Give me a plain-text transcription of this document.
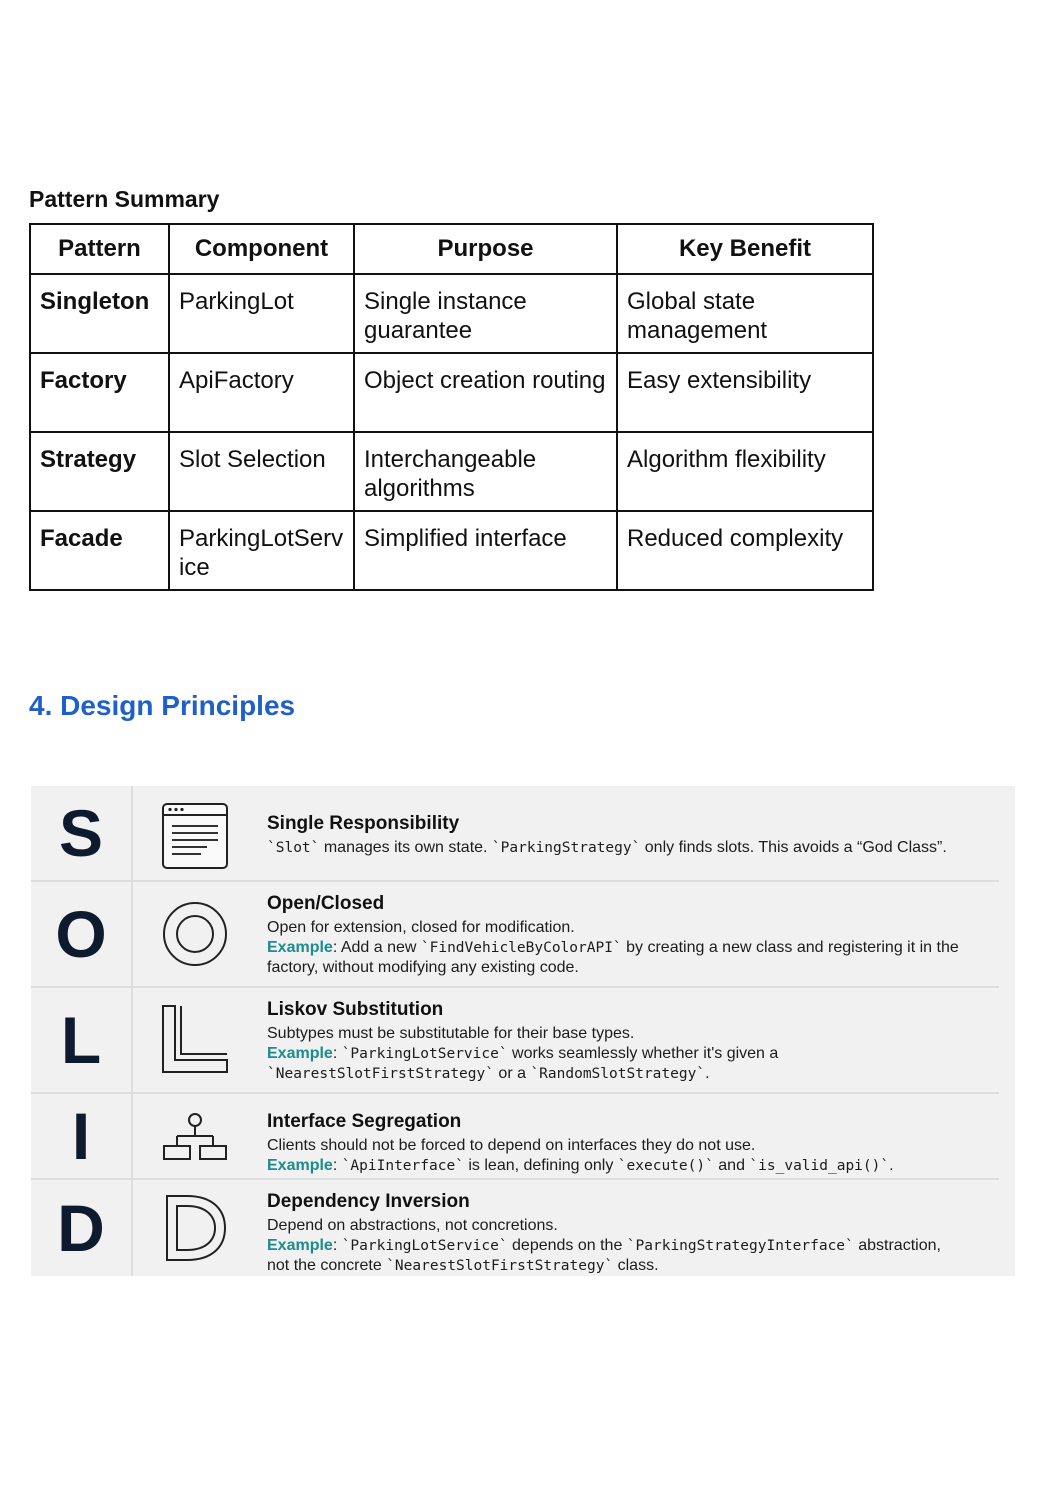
Pattern Summary
Pattern	Component	Purpose	Key Benefit
Singleton	ParkingLot	Single instance guarantee	Global state management
Factory	ApiFactory	Object creation routing	Easy extensibility
Strategy	Slot Selection	Interchangeable algorithms	Algorithm flexibility
Facade	ParkingLotService	Simplified interface	Reduced complexity
4. Design Principles
S	Single Responsibility
`Slot` manages its own state. `ParkingStrategy` only finds slots. This avoids a “God Class”.
O	Open/Closed
Open for extension, closed for modification.
Example: Add a new `FindVehicleByColorAPI` by creating a new class and registering it in the factory, without modifying any existing code.
L	Liskov Substitution
Subtypes must be substitutable for their base types.
Example: `ParkingLotService` works seamlessly whether it's given a `NearestSlotFirstStrategy` or a `RandomSlotStrategy`.
I	Interface Segregation
Clients should not be forced to depend on interfaces they do not use.
Example: `ApiInterface` is lean, defining only `execute()` and `is_valid_api()`.
D	Dependency Inversion
Depend on abstractions, not concretions.
Example: `ParkingLotService` depends on the `ParkingStrategyInterface` abstraction, not the concrete `NearestSlotFirstStrategy` class.
